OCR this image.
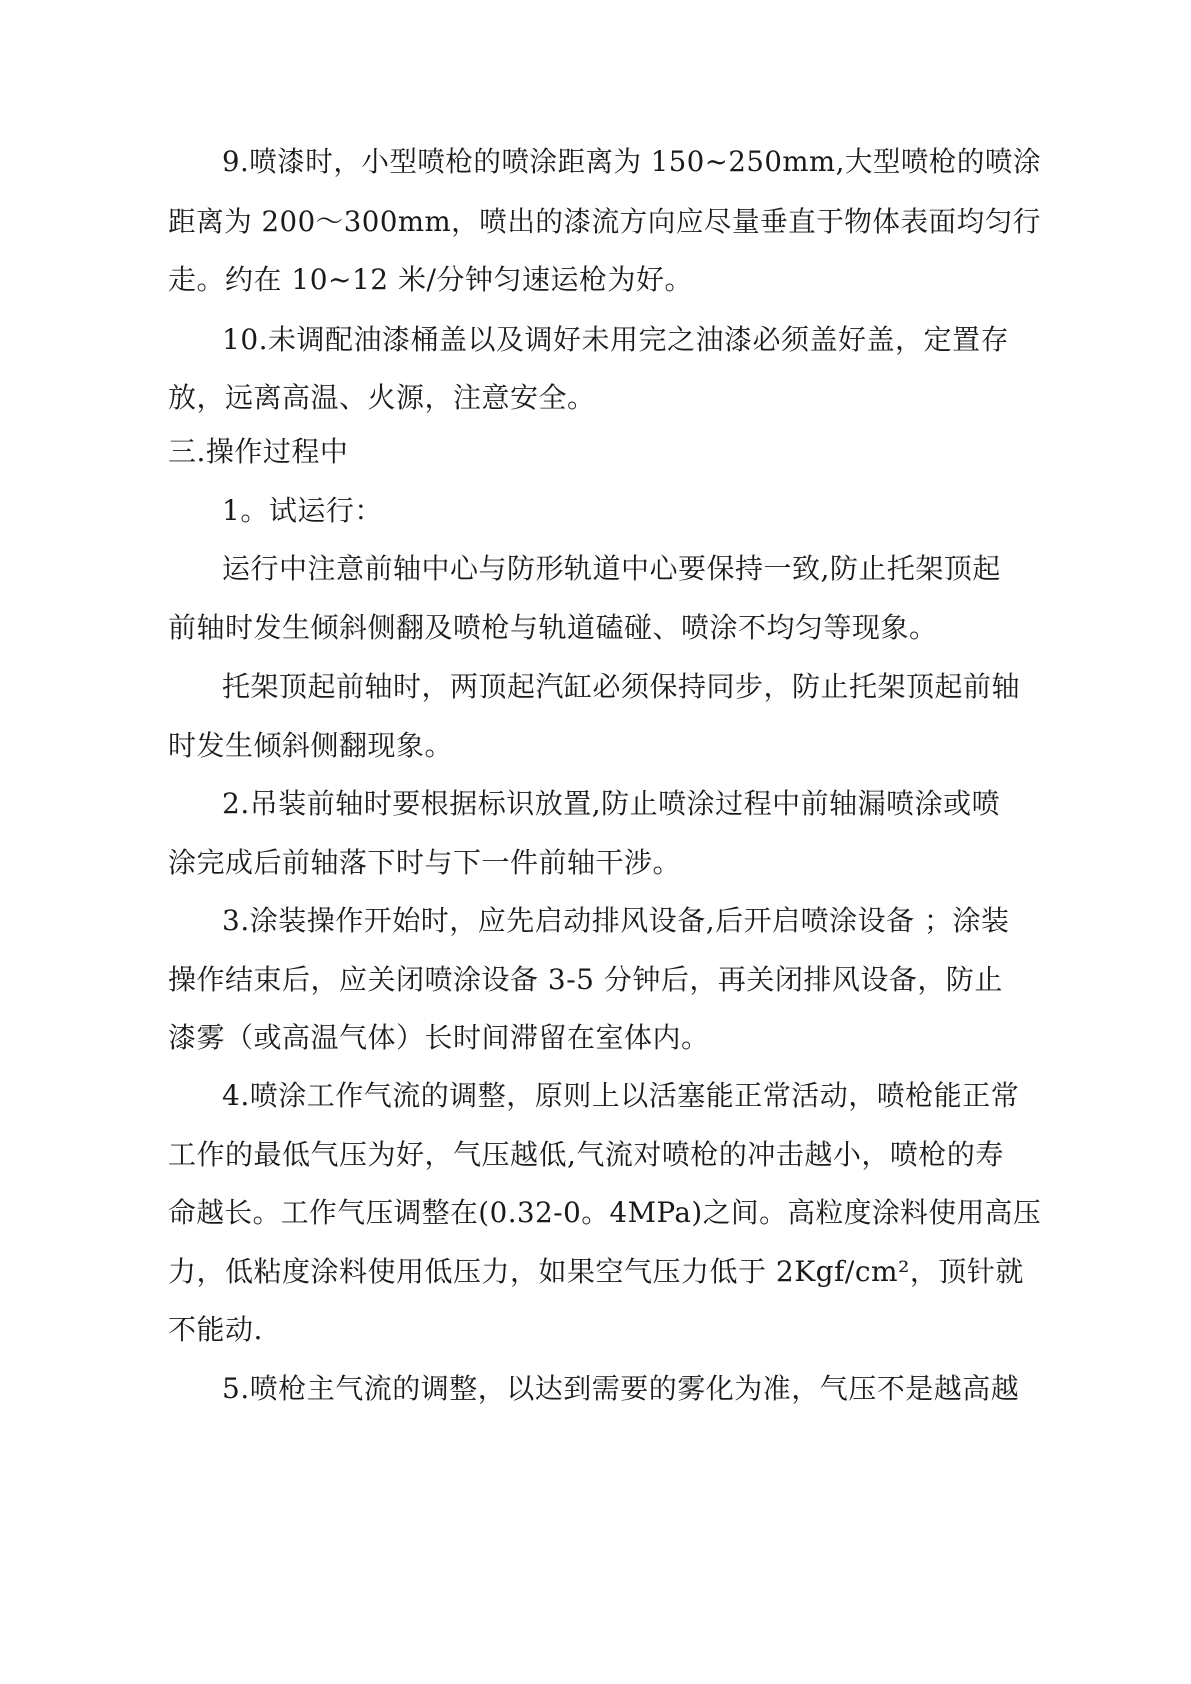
9.喷漆时，小型喷枪的喷涂距离为 150~250mm,大型喷枪的喷涂
距离为 200～300mm，喷出的漆流方向应尽量垂直于物体表面均匀行
走。约在 10~12 米/分钟匀速运枪为好。
10.未调配油漆桶盖以及调好未用完之油漆必须盖好盖，定置存
放，远离高温、火源，注意安全。
三.操作过程中
1。试运行：
运行中注意前轴中心与防形轨道中心要保持一致,防止托架顶起
前轴时发生倾斜侧翻及喷枪与轨道磕碰、喷涂不均匀等现象。
托架顶起前轴时，两顶起汽缸必须保持同步，防止托架顶起前轴
时发生倾斜侧翻现象。
2.吊装前轴时要根据标识放置,防止喷涂过程中前轴漏喷涂或喷
涂完成后前轴落下时与下一件前轴干涉。
3.涂装操作开始时，应先启动排风设备,后开启喷涂设备 ；涂装
操作结束后，应关闭喷涂设备 3-5 分钟后，再关闭排风设备，防止
漆雾（或高温气体）长时间滞留在室体内。
4.喷涂工作气流的调整，原则上以活塞能正常活动，喷枪能正常
工作的最低气压为好，气压越低,气流对喷枪的冲击越小，喷枪的寿
命越长。工作气压调整在(0.32-0。4MPa)之间。高粒度涂料使用高压
力，低粘度涂料使用低压力，如果空气压力低于 2Kgf/cm²，顶针就
不能动.
5.喷枪主气流的调整，以达到需要的雾化为准，气压不是越高越
